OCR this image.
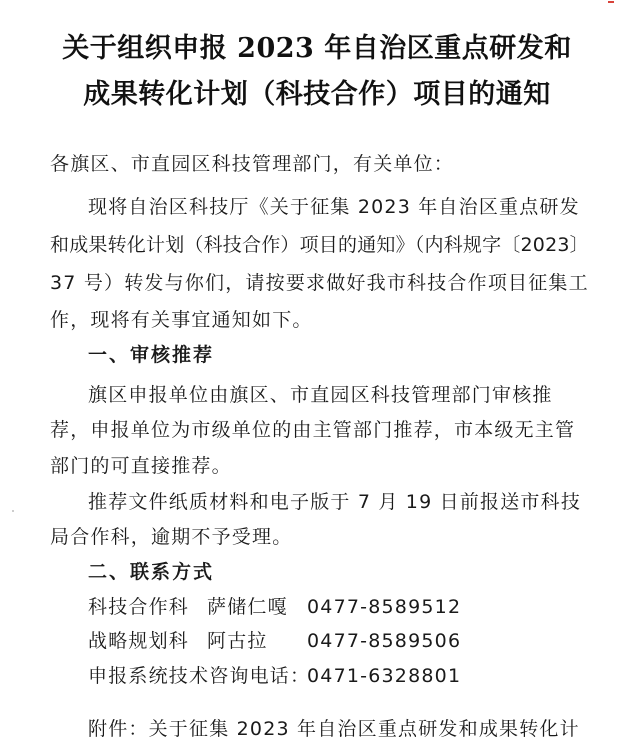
关于组织申报 2023 年自治区重点研发和
成果转化计划（科技合作）项目的通知
各旗区、市直园区科技管理部门，有关单位：
现将自治区科技厅《关于征集 2023 年自治区重点研发
和成果转化计划（科技合作）项目的通知》（内科规字〔2023〕
37 号）转发与你们，请按要求做好我市科技合作项目征集工
作，现将有关事宜通知如下。
一、审核推荐
旗区申报单位由旗区、市直园区科技管理部门审核推
荐，申报单位为市级单位的由主管部门推荐，市本级无主管
部门的可直接推荐。
推荐文件纸质材料和电子版于 7 月 19 日前报送市科技
局合作科，逾期不予受理。
二、联系方式
科技合作科 萨储仁嘎 0477-8589512
战略规划科 阿古拉 0477-8589506
申报系统技术咨询电话：
0471-6328801
附件：关于征集 2023 年自治区重点研发和成果转化计
